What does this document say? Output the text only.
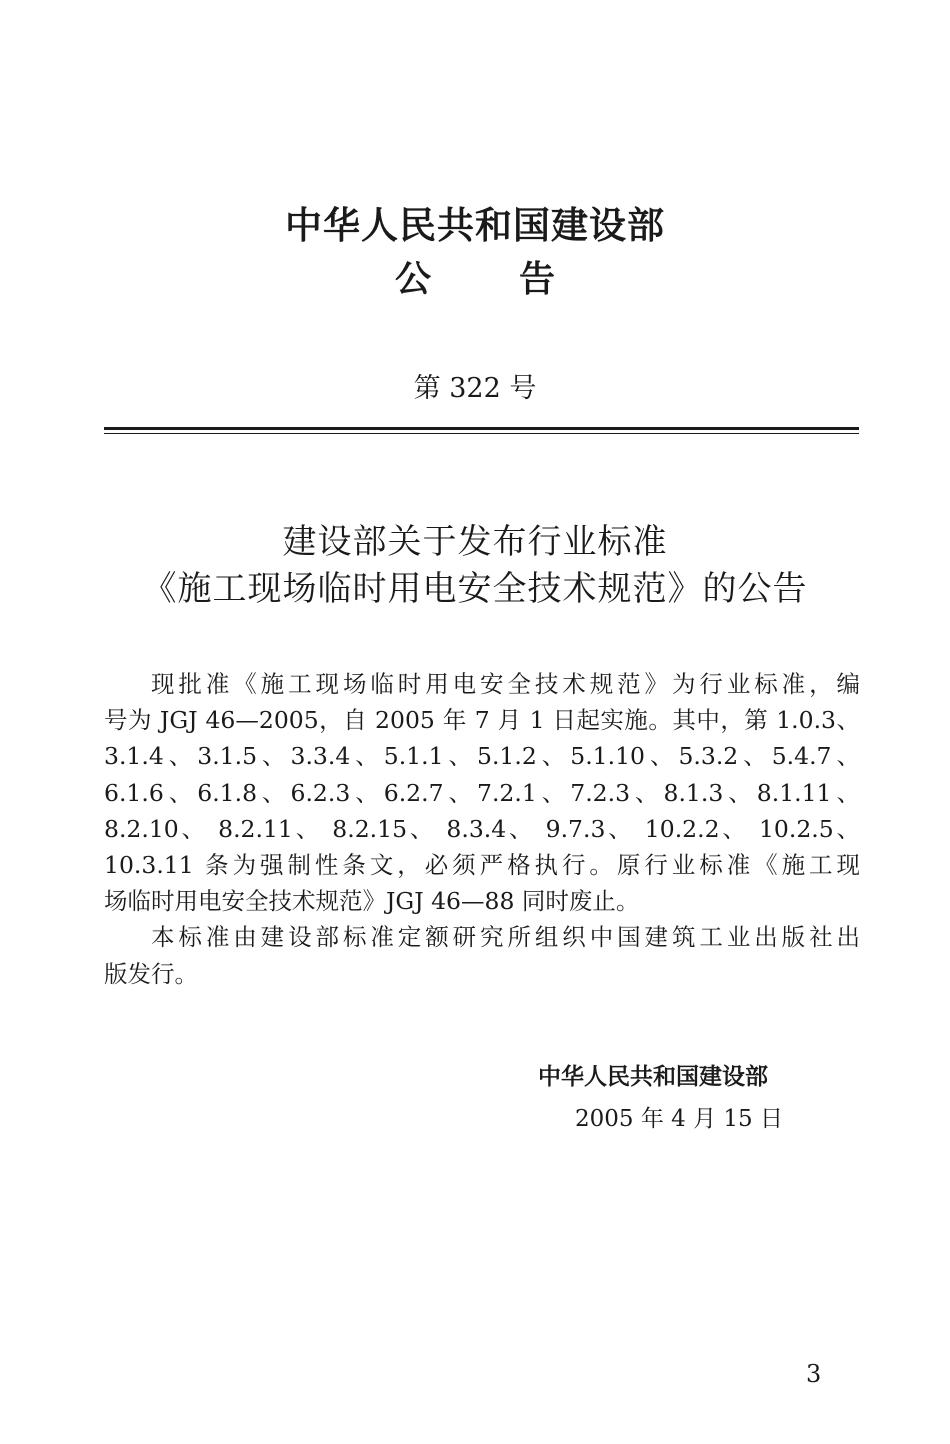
中华人民共和国建设部
公告
第 322 号
建设部关于发布行业标准
《施工现场临时用电安全技术规范》的公告
现批准《施工现场临时用电安全技术规范》为行业标准，编
号为 JGJ 46—2005，自 2005 年 7 月 1 日起实施。其中，第 1.0.3、
3.1.4、3.1.5、3.3.4、5.1.1、5.1.2、5.1.10、5.3.2、5.4.7、
6.1.6、6.1.8、6.2.3、6.2.7、7.2.1、7.2.3、8.1.3、8.1.11、
8.2.10、 8.2.11、 8.2.15、 8.3.4、 9.7.3、 10.2.2、 10.2.5、
10.3.11 条为强制性条文，必须严格执行。原行业标准《施工现
场临时用电安全技术规范》JGJ 46—88 同时废止。
本标准由建设部标准定额研究所组织中国建筑工业出版社出
版发行。
中华人民共和国建设部
2005 年 4 月 15 日
3
